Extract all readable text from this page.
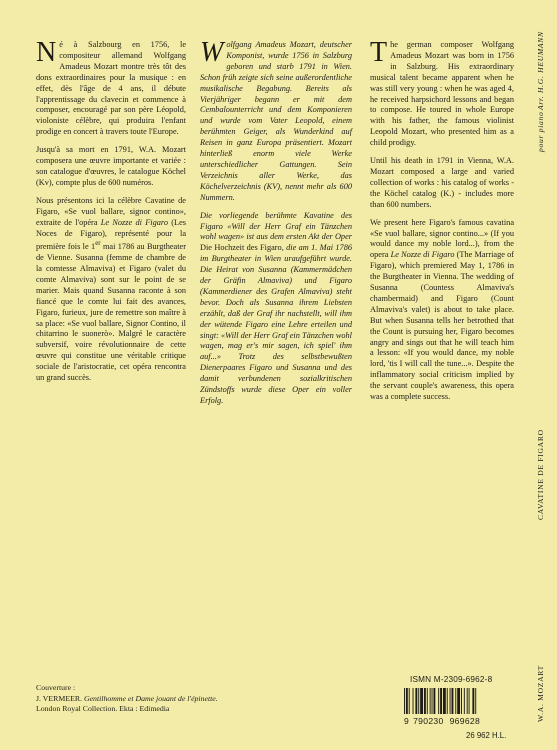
N é à Salzbourg en 1756, le compositeur allemand Wolfgang Amadeus Mozart montre très tôt des dons extraordinaires pour la musique : en effet, dès l'âge de 4 ans, il débute l'apprentissage du clavecin et commence à composer, encouragé par son père Léopold, violoniste célèbre, qui produira l'enfant prodige en concert à travers toute l'Europe.

Jusqu'à sa mort en 1791, W.A. Mozart composera une œuvre importante et variée : son catalogue d'œuvres, le catalogue Köchel (Kv), compte plus de 600 numéros.

Nous présentons ici la célèbre Cavatine de Figaro, «Se vuol ballare, signor contino», extraite de l'opéra Le Nozze di Figaro (Les Noces de Figaro), représenté pour la première fois le 1er mai 1786 au Burgtheater de Vienne. Susanna (femme de chambre de la comtesse Almaviva) et Figaro (valet du comte Almaviva) sont sur le point de se marier. Mais quand Susanna raconte à son fiancé que le comte lui fait des avances, Figaro, furieux, jure de remettre son maître à sa place: «Se vuol ballare, Signor Contino, il chitarrino le suonerò». Malgré le caractère subversif, voire révolutionnaire de cette œuvre qui constitue une véritable critique sociale de l'aristocratie, cet opéra rencontra un grand succès.

W olfgang Amadeus Mozart, deutscher Komponist, wurde 1756 in Salzburg geboren und starb 1791 in Wien. Schon früh zeigte sich seine außerordentliche musikalische Begabung. Bereits als Vierjähriger begann er mit dem Cembalounterricht und dem Komponieren und wurde vom Vater Leopold, einem berühmten Geiger, als Wunderkind auf Reisen in ganz Europa präsentiert. Mozart hinterließ enorm viele Werke unterschiedlicher Gattungen. Sein Verzeichnis aller Werke, das Köchelverzeichnis (KV), nennt mehr als 600 Nummern.

Die vorliegende berühmte Kavatine des Figaro «Will der Herr Graf ein Tänzchen wohl wagen» ist aus dem ersten Akt der Oper Die Hochzeit des Figaro, die am 1. Mai 1786 im Burgtheater in Wien uraufgeführt wurde. Die Heirat von Susanna (Kammermädchen der Gräfin Almaviva) und Figaro (Kammerdiener des Grafen Almaviva) steht bevor. Doch als Susanna ihrem Liebsten erzählt, daß der Graf ihr nachstellt, will ihm der wütende Figaro eine Lehre erteilen und singt: «Will der Herr Graf ein Tänzchen wohl wagen, mag er's mir sagen, ich spiel' ihm auf...» Trotz des selbstbewußten Dienerpaares Figaro und Susanna und des damit verbundenen sozialkritischen Zündstoffs wurde diese Oper ein voller Erfolg.

T he german composer Wolfgang Amadeus Mozart was born in 1756 in Salzburg. His extraordinary musical talent became apparent when he was still very young : when he was aged 4, he received harpsichord lessons and began to compose. He toured in whole Europe with his father, the famous violinist Leopold Mozart, who presented him as a child prodigy.

Until his death in 1791 in Vienna, W.A. Mozart composed a large and varied collection of works : his catalog of works - the Köchel catalog (K.) - includes more than 600 numbers.

We present here Figaro's famous cavatina «Se vuol ballare, signor contino...» (If you would dance my noble lord...), from the opera Le Nozze di Figaro (The Marriage of Figaro), which premiered May 1, 1786 in the Burgtheater in Vienna. The wedding of Susanna (Countess Almaviva's chambermaid) and Figaro (Count Almaviva's valet) is about to take place. But when Susanna tells her betrothed that the Count is pursuing her, Figaro becomes angry and sings out that he will teach him a lesson: «If you would dance, my noble lord, 'tis I will call the tune...». Despite the inflammatory social criticism implied by the servant couple's awareness, this opera was a complete success.

W.A. MOZART
CAVATINE DE FIGARO
pour piano
Arr. H.G. HEUMANN
Couverture :
J. VERMEER. Gentilhomme et Dame jouant de l'épinette.
London Royal Collection. Ekta : Edimedia
ISMN M-2309-6962-8
9 790230 969628
26 962 H.L.
